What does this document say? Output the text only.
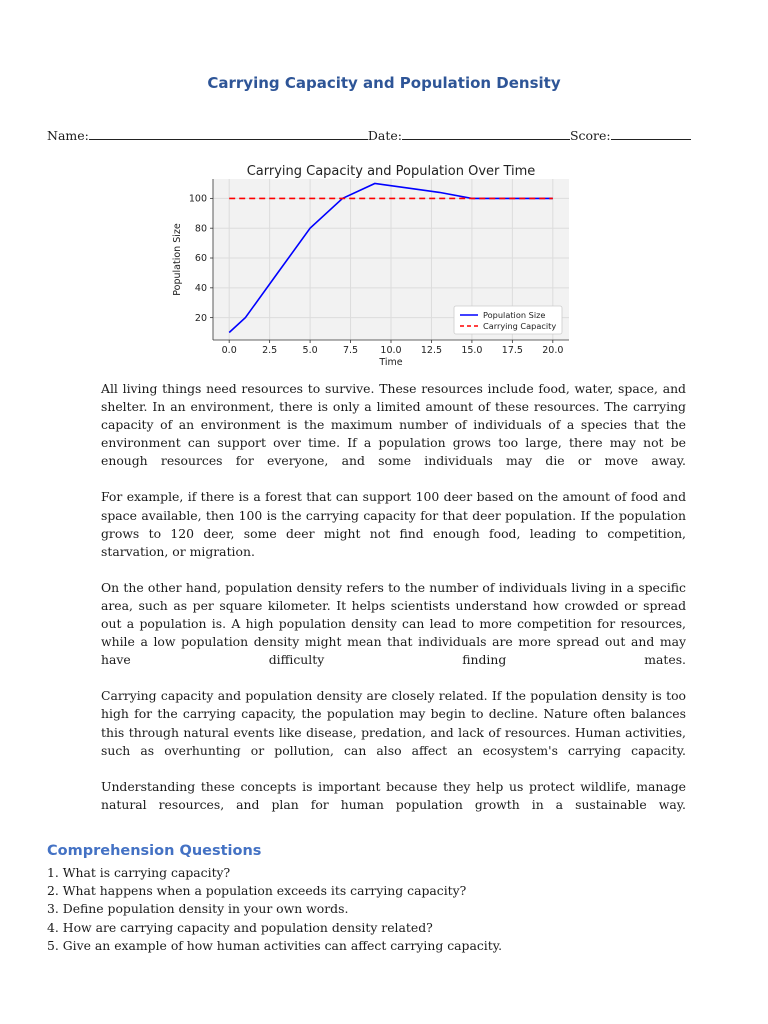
Carrying Capacity and Population Density
Name:	Date:	Score:
0.0	2.5	5.0	7.5 10.0 12.5 15.0 17.5 20.0
20
40
60
80
100
Carrying Capacity and Population Over Time
Time
Population Size
Population Size
Carrying Capacity

All living things need resources to survive. These resources include food, water, space, and shelter. In an environment, there is only a limited amount of these resources. The carrying capacity of an environment is the maximum number of individuals of a species that the environment can support over time. If a population grows too large, there may not be enough resources for everyone, and some individuals may die or move away.

For example, if there is a forest that can support 100 deer based on the amount of food and space available, then 100 is the carrying capacity for that deer population. If the population grows to 120 deer, some deer might not find enough food, leading to competition, starvation, or migration.

On the other hand, population density refers to the number of individuals living in a specific area, such as per square kilometer. It helps scientists understand how crowded or spread out a population is. A high population density can lead to more competition for resources, while a low population density might mean that individuals are more spread out and may have difficulty finding mates.

Carrying capacity and population density are closely related. If the population density is too high for the carrying capacity, the population may begin to decline. Nature often balances this through natural events like disease, predation, and lack of resources. Human activities, such as overhunting or pollution, can also affect an ecosystem's carrying capacity.

Understanding these concepts is important because they help us protect wildlife, manage natural resources, and plan for human population growth in a sustainable way.

Comprehension Questions
1. What is carrying capacity?
2. What happens when a population exceeds its carrying capacity?
3. Define population density in your own words.
4. How are carrying capacity and population density related?
5. Give an example of how human activities can affect carrying capacity.
